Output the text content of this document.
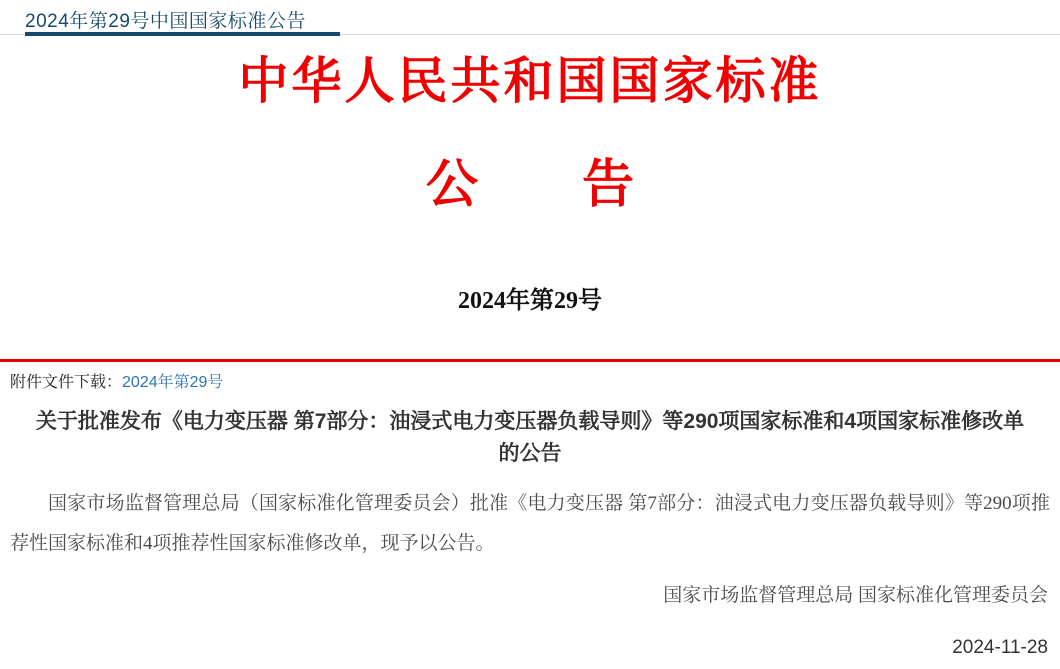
2024年第29号中国国家标准公告
中华人民共和国国家标准
公　　告
2024年第29号
附件文件下载：2024年第29号
关于批准发布《电力变压器 第7部分：油浸式电力变压器负载导则》等290项国家标准和4项国家标准修改单的公告

国家市场监督管理总局（国家标准化管理委员会）批准《电力变压器 第7部分：油浸式电力变压器负载导则》等290项推荐性国家标准和4项推荐性国家标准修改单，现予以公告。

国家市场监督管理总局 国家标准化管理委员会
2024-11-28
